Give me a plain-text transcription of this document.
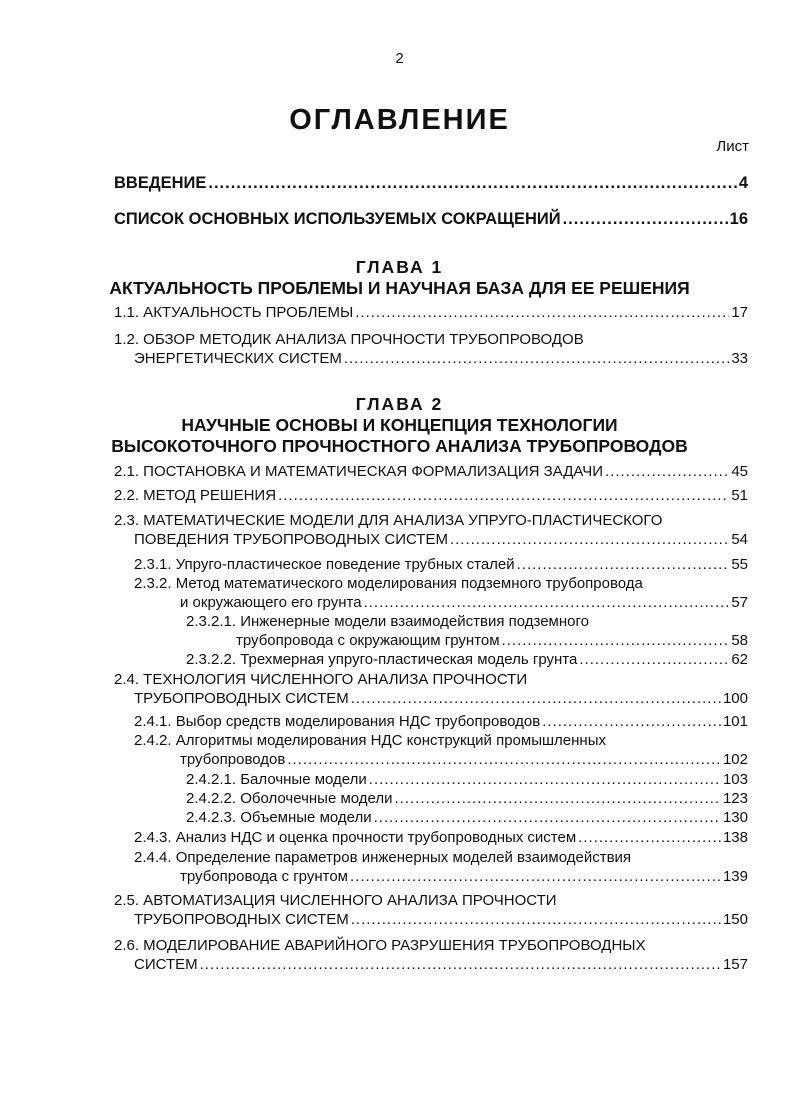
2
ОГЛАВЛЕНИЕ
Лист
ГЛАВА 1
АКТУАЛЬНОСТЬ ПРОБЛЕМЫ И НАУЧНАЯ БАЗА ДЛЯ ЕЕ РЕШЕНИЯ
ГЛАВА 2
НАУЧНЫЕ ОСНОВЫ И КОНЦЕПЦИЯ ТЕХНОЛОГИИ
ВЫСОКОТОЧНОГО ПРОЧНОСТНОГО АНАЛИЗА ТРУБОПРОВОДОВ
ВВЕДЕНИЕ .....	4
СПИСОК ОСНОВНЫХ ИСПОЛЬЗУЕМЫХ СОКРАЩЕНИЙ .....	16
1.1. АКТУАЛЬНОСТЬ ПРОБЛЕМЫ .....	17
1.2. ОБЗОР МЕТОДИК АНАЛИЗА ПРОЧНОСТИ ТРУБОПРОВОДОВ
ЭНЕРГЕТИЧЕСКИХ СИСТЕМ .....	33
2.1. ПОСТАНОВКА И МАТЕМАТИЧЕСКАЯ ФОРМАЛИЗАЦИЯ ЗАДАЧИ .....	45
2.2. МЕТОД РЕШЕНИЯ .....	51
2.3. МАТЕМАТИЧЕСКИЕ МОДЕЛИ ДЛЯ АНАЛИЗА УПРУГО-ПЛАСТИЧЕСКОГО
ПОВЕДЕНИЯ ТРУБОПРОВОДНЫХ СИСТЕМ .....	54
2.3.1. Упруго-пластическое поведение трубных сталей .....	55
2.3.2. Метод математического моделирования подземного трубопровода
и окружающего его грунта .....	57
2.3.2.1. Инженерные модели взаимодействия подземного
трубопровода с окружающим грунтом .....	58
2.3.2.2. Трехмерная упруго-пластическая модель грунта .....	62
2.4. ТЕХНОЛОГИЯ ЧИСЛЕННОГО АНАЛИЗА ПРОЧНОСТИ
ТРУБОПРОВОДНЫХ СИСТЕМ .....	100
2.4.1. Выбор средств моделирования НДС трубопроводов .....	101
2.4.2. Алгоритмы моделирования НДС конструкций промышленных
трубопроводов .....	102
2.4.2.1. Балочные модели .....	103
2.4.2.2. Оболочечные модели .....	123
2.4.2.3. Объемные модели .....	130
2.4.3. Анализ НДС и оценка прочности трубопроводных систем .....	138
2.4.4. Определение параметров инженерных моделей взаимодействия
трубопровода с грунтом .....	139
2.5. АВТОМАТИЗАЦИЯ ЧИСЛЕННОГО АНАЛИЗА ПРОЧНОСТИ
ТРУБОПРОВОДНЫХ СИСТЕМ .....	150
2.6. МОДЕЛИРОВАНИЕ АВАРИЙНОГО РАЗРУШЕНИЯ ТРУБОПРОВОДНЫХ
СИСТЕМ .....	157
